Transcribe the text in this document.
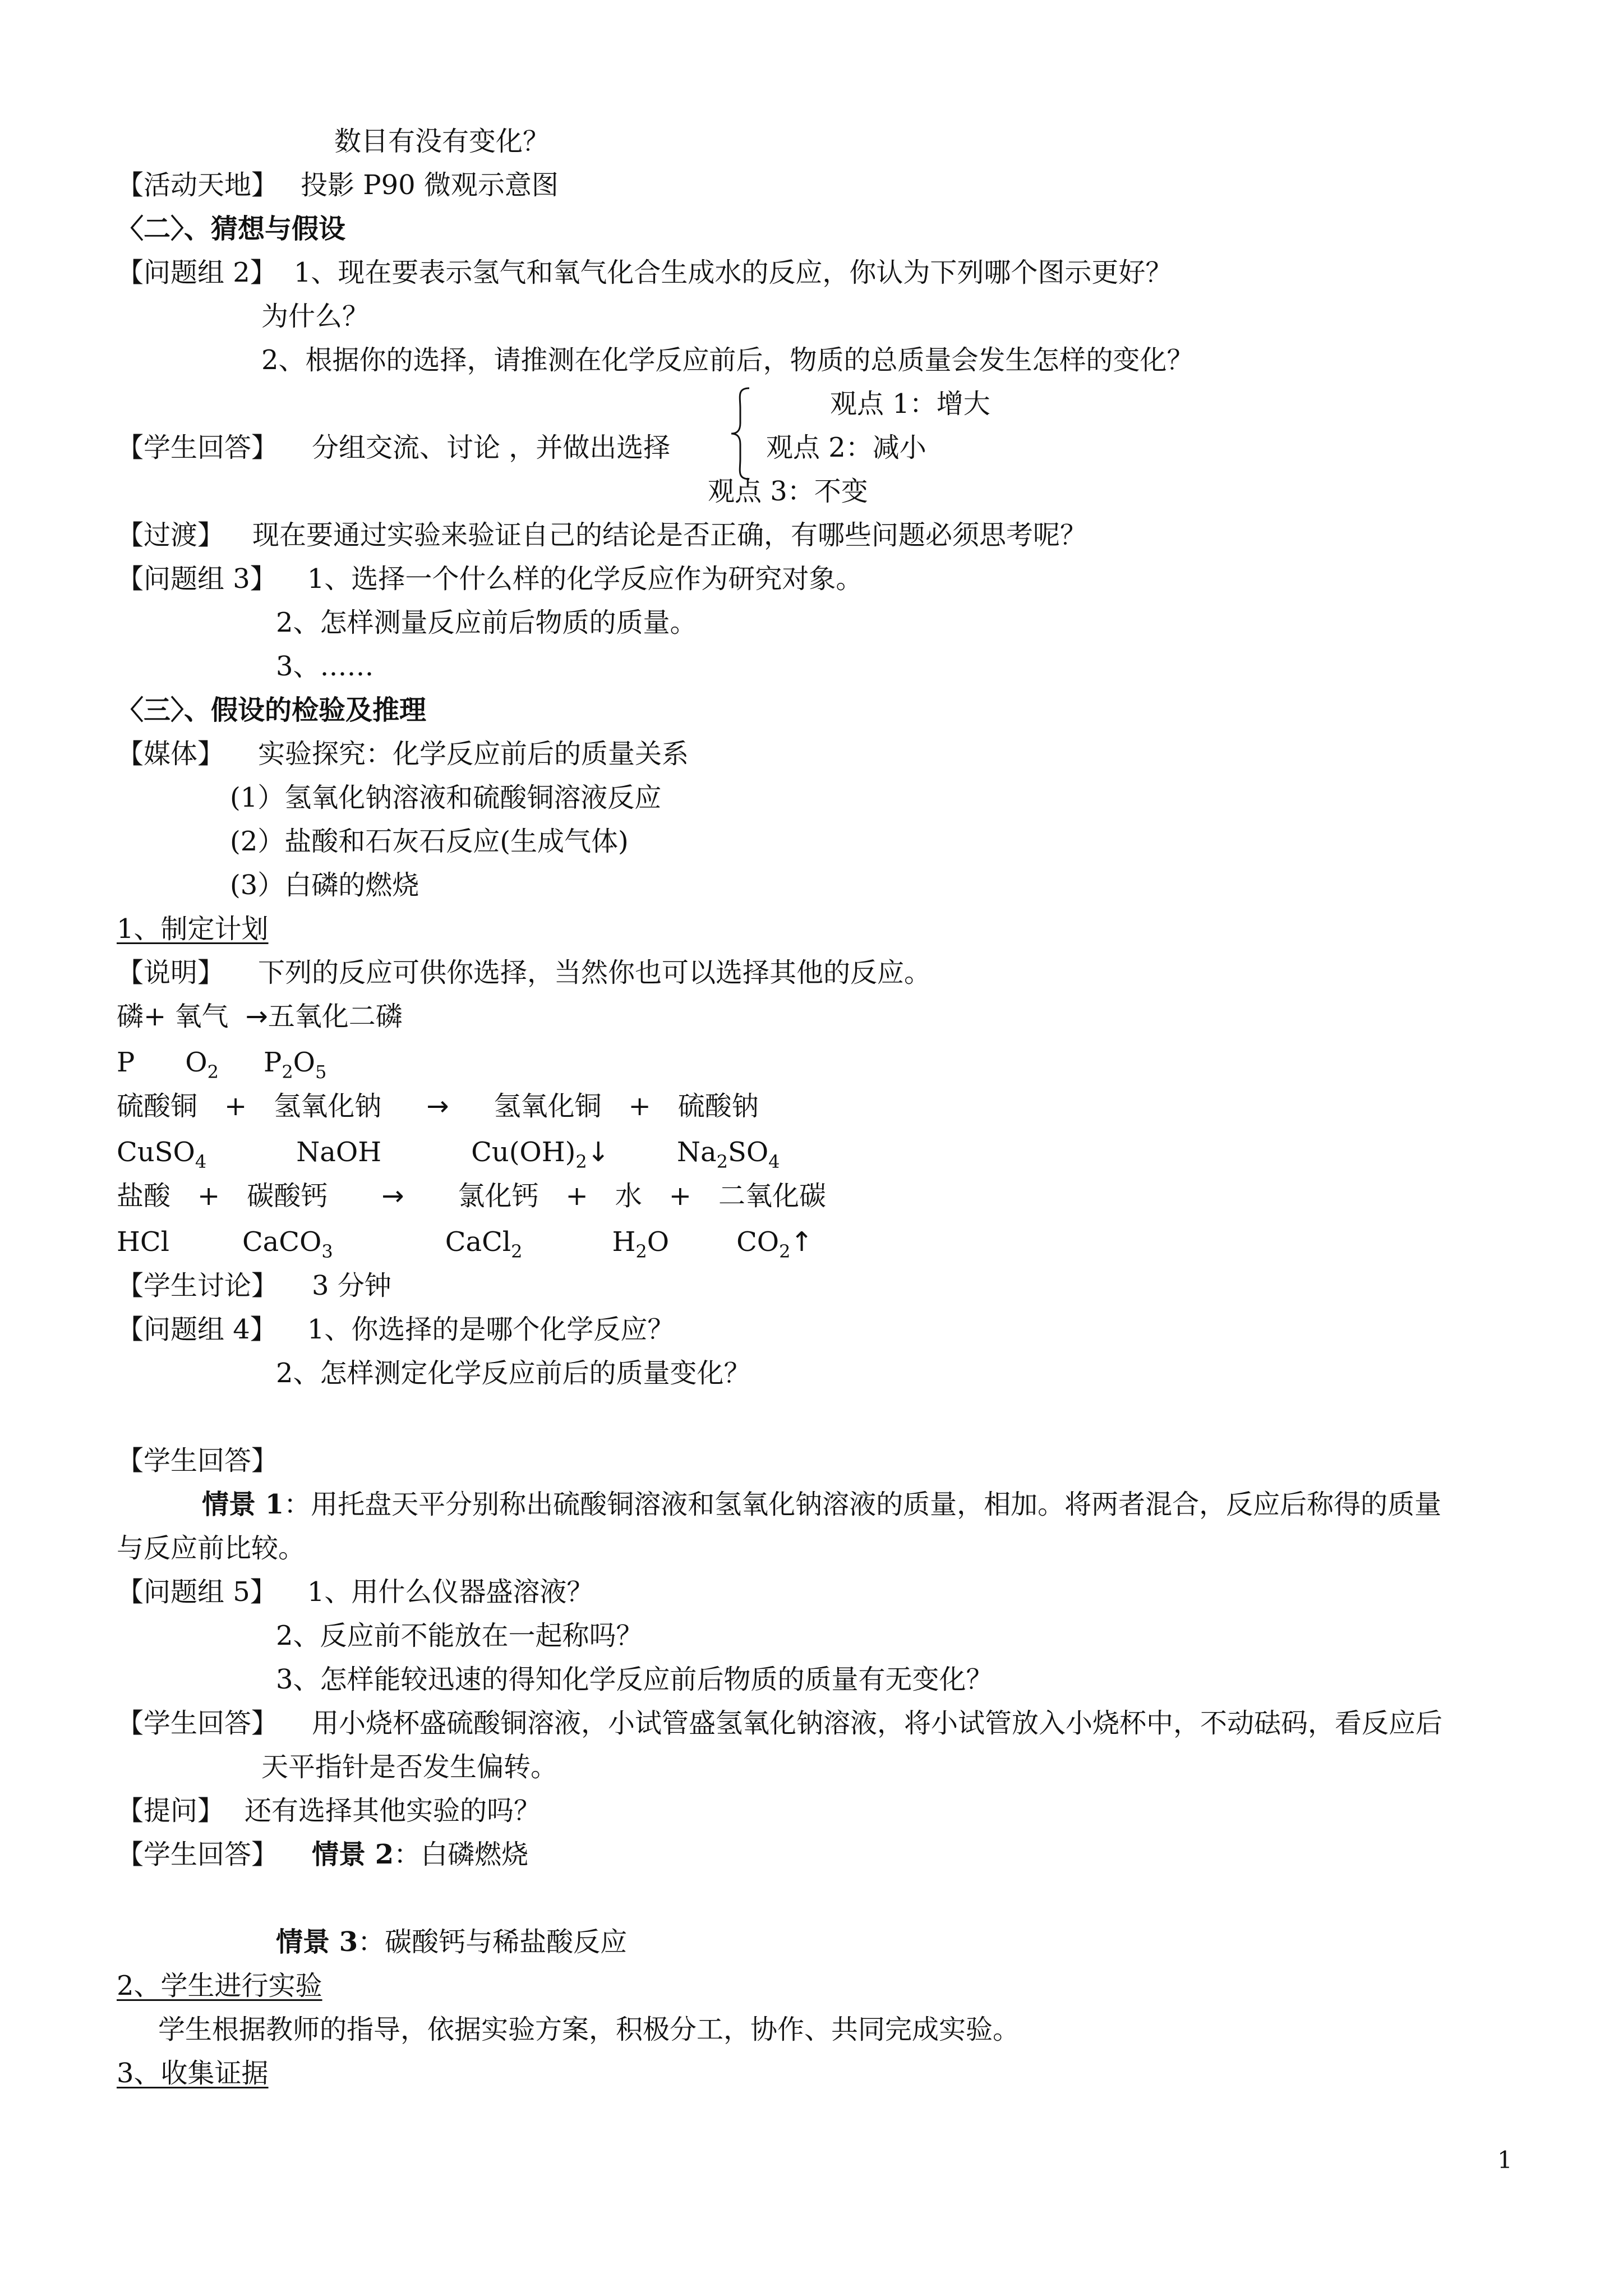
数目有没有变化？
【活动天地】 投影 P90 微观示意图
〈二〉、猜想与假设
【问题组 2】 1、现在要表示氢气和氧气化合生成水的反应，你认为下列哪个图示更好？
为什么？
2、根据你的选择，请推测在化学反应前后，物质的总质量会发生怎样的变化？
观点 1：增大
【学生回答】 分组交流、讨论 ，并做出选择	观点 2：减小
观点 3：不变
【过渡】 现在要通过实验来验证自己的结论是否正确，有哪些问题必须思考呢？
【问题组 3】 1、选择一个什么样的化学反应作为研究对象。
2、怎样测量反应前后物质的质量。
3、……
〈三〉、假设的检验及推理
【媒体】 实验探究：化学反应前后的质量关系
(1）氢氧化钠溶液和硫酸铜溶液反应
(2）盐酸和石灰石反应(生成气体)
(3）白磷的燃烧
1、制定计划
【说明】 下列的反应可供你选择，当然你也可以选择其他的反应。
磷+ 氧气 →五氧化二磷
P $O_2$ $P_2O_5$
硫酸铜 + 氢氧化钠 → 氢氧化铜 + 硫酸钠
CuSO$_4$	NaOH	$Cu(OH)_2↓$	$Na_2SO_4$
盐酸 + 碳酸钙 → 氯化钙 + 水 + 二氧化碳
HCl	CaCO$_3$	CaCl$_2$	$H_2O$	$CO_2↑$
【学生讨论】 3 分钟
【问题组 4】 1、你选择的是哪个化学反应？
2、怎样测定化学反应前后的质量变化？
【学生回答】
情景 1：用托盘天平分别称出硫酸铜溶液和氢氧化钠溶液的质量，相加。将两者混合，反应后称得的质量
与反应前比较。
【问题组 5】 1、用什么仪器盛溶液？
2、反应前不能放在一起称吗？
3、怎样能较迅速的得知化学反应前后物质的质量有无变化？
【学生回答】 用小烧杯盛硫酸铜溶液，小试管盛氢氧化钠溶液，将小试管放入小烧杯中，不动砝码，看反应后
天平指针是否发生偏转。
【提问】 还有选择其他实验的吗？
【学生回答】 情景 2：白磷燃烧
情景 3：碳酸钙与稀盐酸反应
2、学生进行实验
学生根据教师的指导，依据实验方案，积极分工，协作、共同完成实验。
3、收集证据
1
